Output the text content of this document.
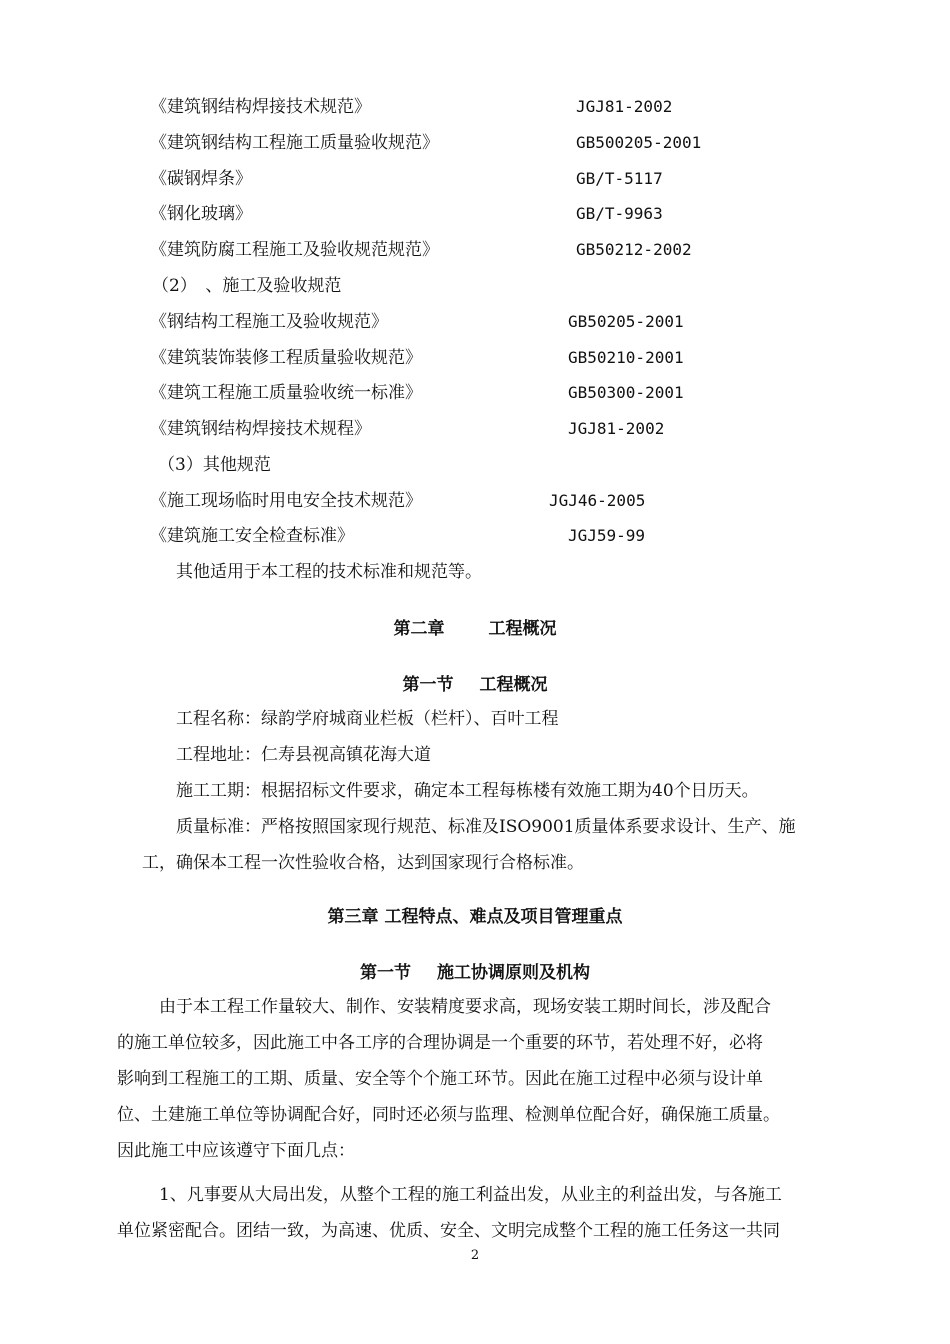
《建筑钢结构焊接技术规范》	JGJ81-2002
《建筑钢结构工程施工质量验收规范》	GB500205-2001
《碳钢焊条》	GB/T-5117
《钢化玻璃》	GB/T-9963
《建筑防腐工程施工及验收规范规范》	GB50212-2002
（2）　、施工及验收规范
《钢结构工程施工及验收规范》	GB50205-2001
《建筑装饰装修工程质量验收规范》	GB50210-2001
《建筑工程施工质量验收统一标准》	GB50300-2001
《建筑钢结构焊接技术规程》	JGJ81-2002
（3）其他规范
《施工现场临时用电安全技术规范》	JGJ46-2005
《建筑施工安全检查标准》	JGJ59-99
其他适用于本工程的技术标准和规范等。
第二章	工程概况
第一节 工程概况
工程名称：绿韵学府城商业栏板（栏杆）、百叶工程
工程地址：仁寿县视高镇花海大道
施工工期：根据招标文件要求，确定本工程每栋楼有效施工期为40个日历天。
质量标准：严格按照国家现行规范、标准及ISO9001质量体系要求设计、生产、施
工，确保本工程一次性验收合格，达到国家现行合格标准。
第三章 工程特点、难点及项目管理重点
第一节 施工协调原则及机构
由于本工程工作量较大、制作、安装精度要求高，现场安装工期时间长，涉及配合
的施工单位较多，因此施工中各工序的合理协调是一个重要的环节，若处理不好，必将
影响到工程施工的工期、质量、安全等个个施工环节。因此在施工过程中必须与设计单
位、土建施工单位等协调配合好，同时还必须与监理、检测单位配合好，确保施工质量。
因此施工中应该遵守下面几点：
1、凡事要从大局出发，从整个工程的施工利益出发，从业主的利益出发，与各施工
单位紧密配合。团结一致，为高速、优质、安全、文明完成整个工程的施工任务这一共同
2
